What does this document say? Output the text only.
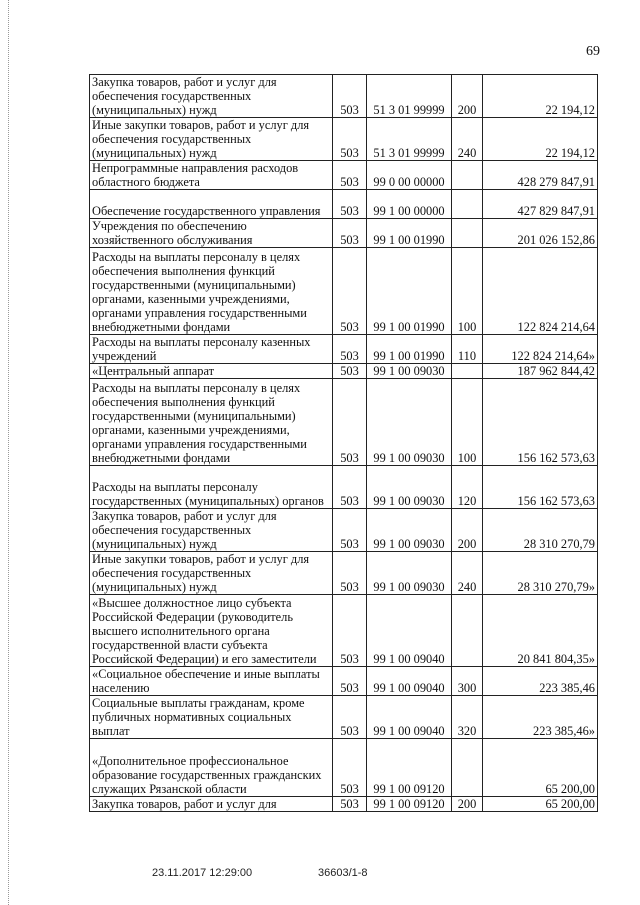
69
Закупка товаров, работ и услуг для обеспечения государственных (муниципальных) нужд	503	51 3 01 99999	200	22 194,12
Иные закупки товаров, работ и услуг для обеспечения государственных (муниципальных) нужд	503	51 3 01 99999	240	22 194,12
Непрограммные направления расходов областного бюджета	503	99 0 00 00000		428 279 847,91
Обеспечение государственного управления	503	99 1 00 00000		427 829 847,91
Учреждения по обеспечению хозяйственного обслуживания	503	99 1 00 01990		201 026 152,86
Расходы на выплаты персоналу в целях обеспечения выполнения функций государственными (муниципальными) органами, казенными учреждениями, органами управления государственными внебюджетными фондами	503	99 1 00 01990	100	122 824 214,64
Расходы на выплаты персоналу казенных учреждений	503	99 1 00 01990	110	122 824 214,64»
«Центральный аппарат	503	99 1 00 09030		187 962 844,42
Расходы на выплаты персоналу в целях обеспечения выполнения функций государственными (муниципальными) органами, казенными учреждениями, органами управления государственными внебюджетными фондами	503	99 1 00 09030	100	156 162 573,63
Расходы на выплаты персоналу государственных (муниципальных) органов	503	99 1 00 09030	120	156 162 573,63
Закупка товаров, работ и услуг для обеспечения государственных (муниципальных) нужд	503	99 1 00 09030	200	28 310 270,79
Иные закупки товаров, работ и услуг для обеспечения государственных (муниципальных) нужд	503	99 1 00 09030	240	28 310 270,79»
«Высшее должностное лицо субъекта Российской Федерации (руководитель высшего исполнительного органа государственной власти субъекта Российской Федерации) и его заместители	503	99 1 00 09040		20 841 804,35»
«Социальное обеспечение и иные выплаты населению	503	99 1 00 09040	300	223 385,46
Социальные выплаты гражданам, кроме публичных нормативных социальных выплат	503	99 1 00 09040	320	223 385,46»
«Дополнительное профессиональное образование государственных гражданских служащих Рязанской области	503	99 1 00 09120		65 200,00
Закупка товаров, работ и услуг для	503	99 1 00 09120	200	65 200,00
23.11.2017 12:29:00	36603/1-8
